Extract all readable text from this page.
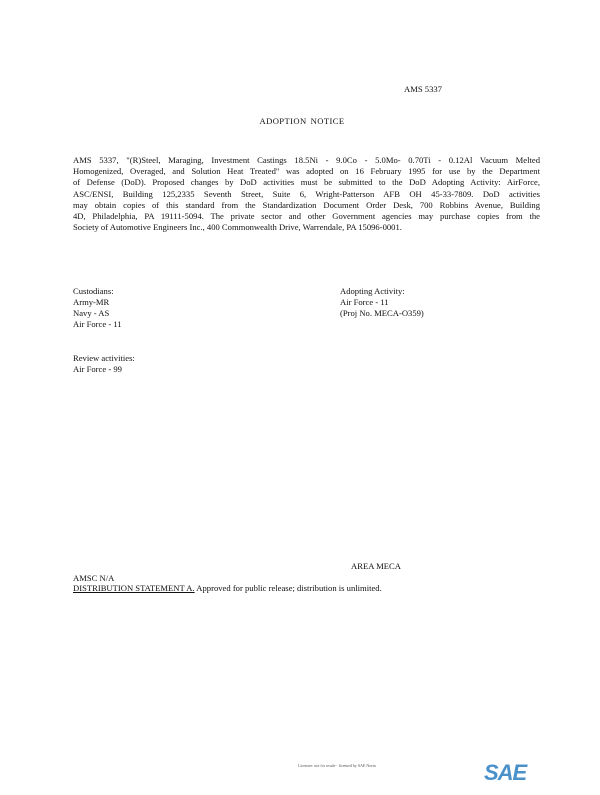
AMS 5337
ADOPTION NOTICE
AMS 5337, "(R)Steel, Maraging, Investment Castings 18.5Ni - 9.0Co - 5.0Mo- 0.70Ti - 0.12Al Vacuum Melted
Homogenized, Overaged, and Solution Heat Treated" was adopted on 16 February 1995 for use by the Department
of Defense (DoD). Proposed changes by DoD activities must be submitted to the DoD Adopting Activity: AirForce,
ASC/ENSI, Building 125,2335 Seventh Street, Suite 6, Wright-Patterson AFB OH 45-33-7809. DoD activities
may obtain copies of this standard from the Standardization Document Order Desk, 700 Robbins Avenue, Building
4D, Philadelphia, PA 19111-5094. The private sector and other Government agencies may purchase copies from the
Society of Automotive Engineers Inc., 400 Commonwealth Drive, Warrendale, PA 15096-0001.
Custodians:
Army-MR
Navy - AS
Air Force - 11
Adopting Activity:
Air Force - 11
(Proj No. MECA-O359)
Review activities:
Air Force - 99
AREA MECA
AMSC N/A
DISTRIBUTION STATEMENT A. Approved for public release; distribution is unlimited.
Licensee: not for resale - licensed by SAE Norm	SAE
